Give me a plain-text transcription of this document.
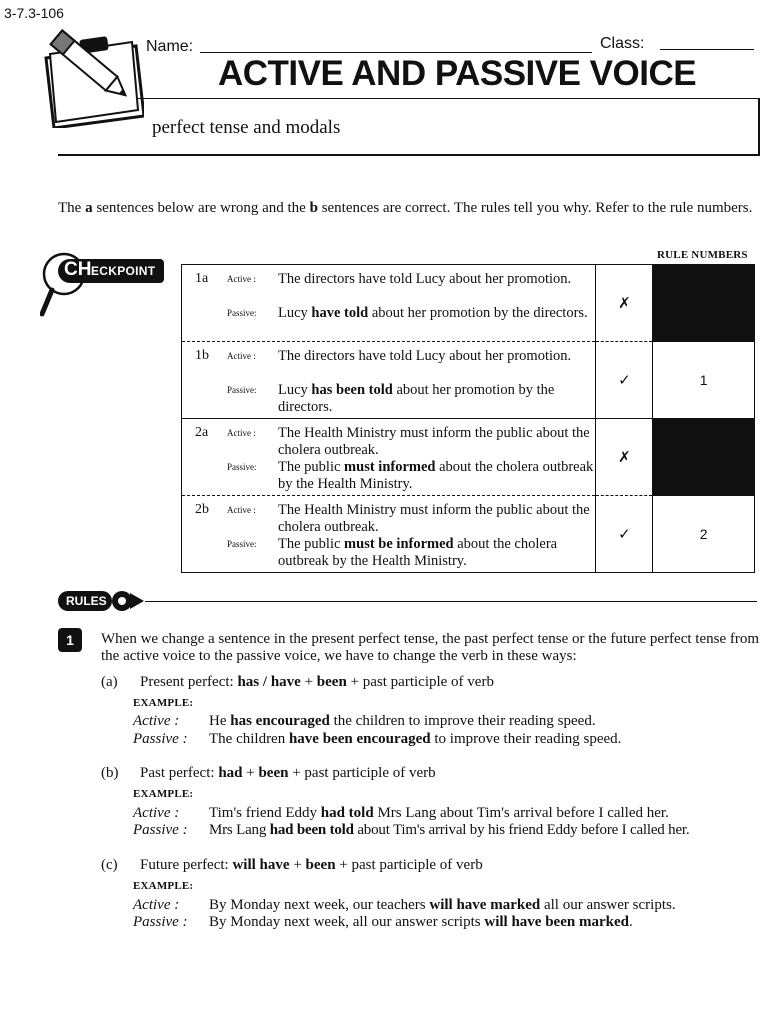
3-7.3-106
Name:	Class:
ACTIVE AND PASSIVE VOICE
perfect tense and modals
The a sentences below are wrong and the b sentences are correct. The rules tell you why. Refer to the rule numbers.
RULE NUMBERS
CH ECKPOINT	1a Active : The directors have told Lucy about her promotion.
Passive: Lucy have told about her promotion by the directors.	✗	

1b Active : The directors have told Lucy about her promotion.
Passive: Lucy has been told about her promotion by the directors.	✓	1

2a Active : The Health Ministry must inform the public about the cholera outbreak.
Passive: The public must informed about the cholera outbreak by the Health Ministry.	✗	

2b Active : The Health Ministry must inform the public about the cholera outbreak.
Passive: The public must be informed about the cholera outbreak by the Health Ministry.	✓	2
RULES
1	When we change a sentence in the present perfect tense, the past perfect tense or the future perfect tense from the active voice to the passive voice, we have to change the verb in these ways:
(a) Present perfect: has / have + been + past participle of verb
EXAMPLE:
Active : He has encouraged the children to improve their reading speed.
Passive : The children have been encouraged to improve their reading speed.
(b) Past perfect: had + been + past participle of verb
EXAMPLE:
Active : Tim's friend Eddy had told Mrs Lang about Tim's arrival before I called her.
Passive : Mrs Lang had been told about Tim's arrival by his friend Eddy before I called her.
(c) Future perfect: will have + been + past participle of verb
EXAMPLE:
Active : By Monday next week, our teachers will have marked all our answer scripts.
Passive : By Monday next week, all our answer scripts will have been marked.
